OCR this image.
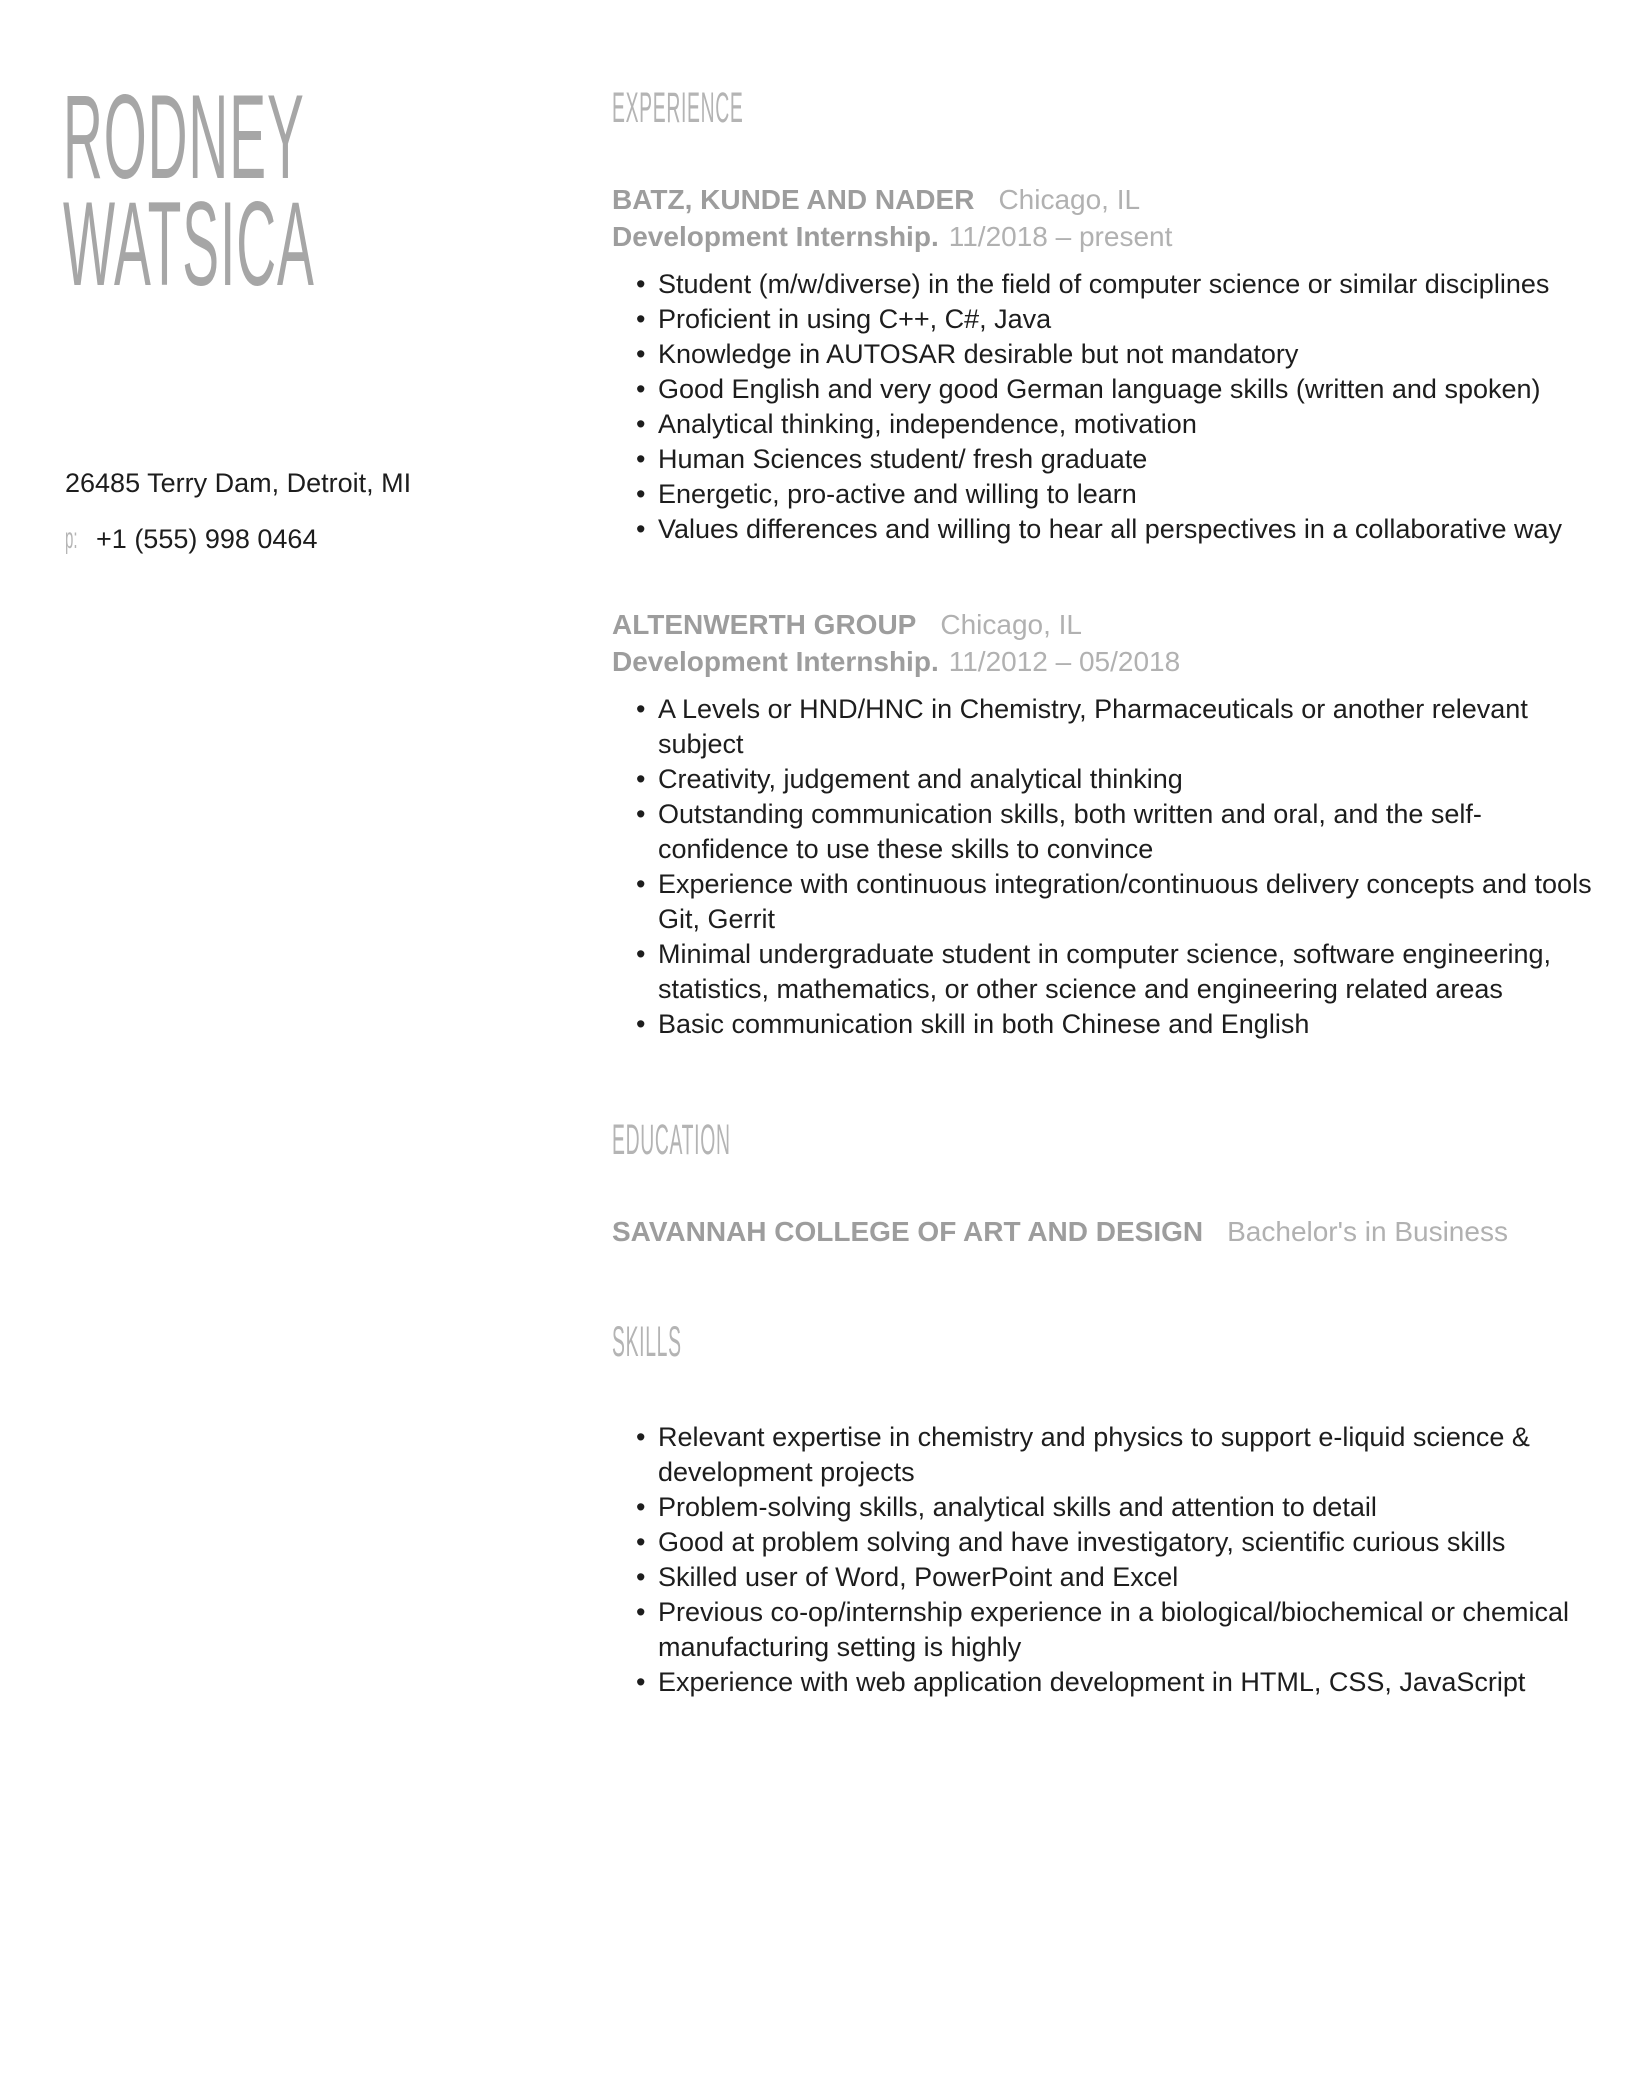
RODNEY WATSICA
26485 Terry Dam, Detroit, MI
p: +1 (555) 998 0464
EXPERIENCE
BATZ, KUNDE AND NADER Chicago, IL
Development Internship. 11/2018 – present
• Student (m/w/diverse) in the field of computer science or similar disciplines
• Proficient in using C++, C#, Java
• Knowledge in AUTOSAR desirable but not mandatory
• Good English and very good German language skills (written and spoken)
• Analytical thinking, independence, motivation
• Human Sciences student/ fresh graduate
• Energetic, pro-active and willing to learn
• Values differences and willing to hear all perspectives in a collaborative way
ALTENWERTH GROUP Chicago, IL
Development Internship. 11/2012 – 05/2018
• A Levels or HND/HNC in Chemistry, Pharmaceuticals or another relevant subject
• Creativity, judgement and analytical thinking
• Outstanding communication skills, both written and oral, and the self-confidence to use these skills to convince
• Experience with continuous integration/continuous delivery concepts and tools Git, Gerrit
• Minimal undergraduate student in computer science, software engineering, statistics, mathematics, or other science and engineering related areas
• Basic communication skill in both Chinese and English
EDUCATION
SAVANNAH COLLEGE OF ART AND DESIGN Bachelor's in Business
SKILLS
• Relevant expertise in chemistry and physics to support e-liquid science & development projects
• Problem-solving skills, analytical skills and attention to detail
• Good at problem solving and have investigatory, scientific curious skills
• Skilled user of Word, PowerPoint and Excel
• Previous co-op/internship experience in a biological/biochemical or chemical manufacturing setting is highly
• Experience with web application development in HTML, CSS, JavaScript
